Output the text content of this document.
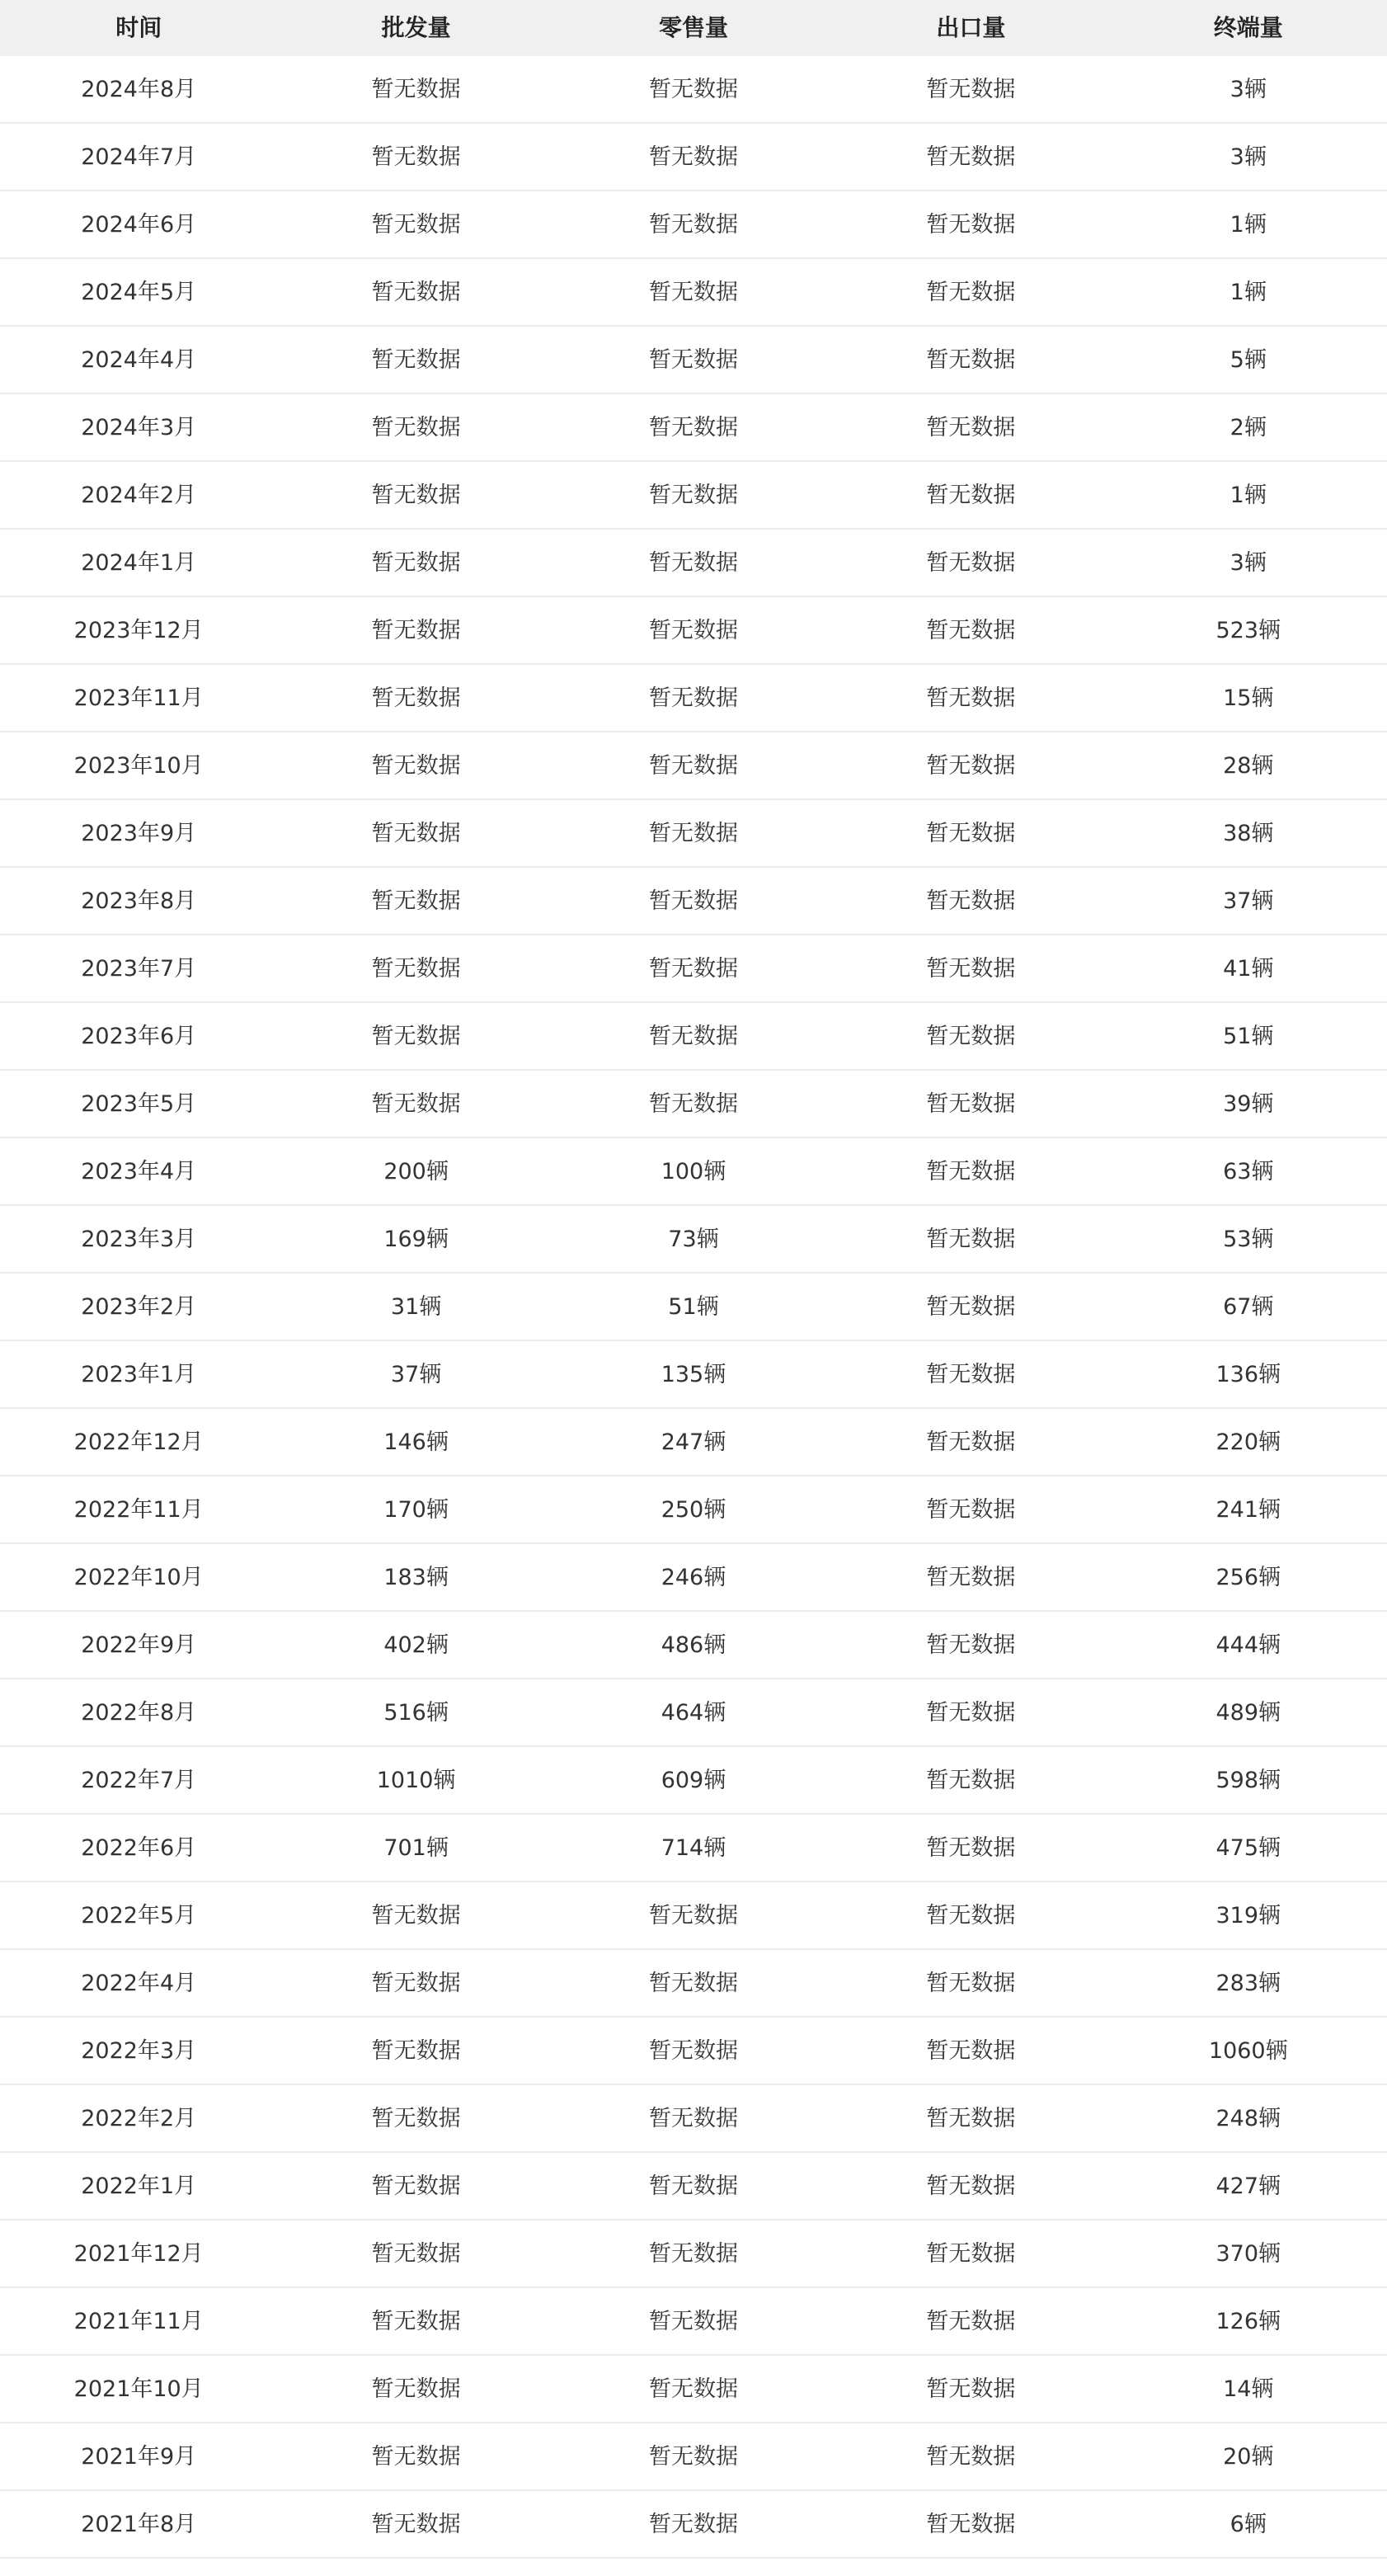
时间	批发量	零售量	出口量	终端量
2024年8月	暂无数据	暂无数据	暂无数据	3辆
2024年7月	暂无数据	暂无数据	暂无数据	3辆
2024年6月	暂无数据	暂无数据	暂无数据	1辆
2024年5月	暂无数据	暂无数据	暂无数据	1辆
2024年4月	暂无数据	暂无数据	暂无数据	5辆
2024年3月	暂无数据	暂无数据	暂无数据	2辆
2024年2月	暂无数据	暂无数据	暂无数据	1辆
2024年1月	暂无数据	暂无数据	暂无数据	3辆
2023年12月	暂无数据	暂无数据	暂无数据	523辆
2023年11月	暂无数据	暂无数据	暂无数据	15辆
2023年10月	暂无数据	暂无数据	暂无数据	28辆
2023年9月	暂无数据	暂无数据	暂无数据	38辆
2023年8月	暂无数据	暂无数据	暂无数据	37辆
2023年7月	暂无数据	暂无数据	暂无数据	41辆
2023年6月	暂无数据	暂无数据	暂无数据	51辆
2023年5月	暂无数据	暂无数据	暂无数据	39辆
2023年4月	200辆	100辆	暂无数据	63辆
2023年3月	169辆	73辆	暂无数据	53辆
2023年2月	31辆	51辆	暂无数据	67辆
2023年1月	37辆	135辆	暂无数据	136辆
2022年12月	146辆	247辆	暂无数据	220辆
2022年11月	170辆	250辆	暂无数据	241辆
2022年10月	183辆	246辆	暂无数据	256辆
2022年9月	402辆	486辆	暂无数据	444辆
2022年8月	516辆	464辆	暂无数据	489辆
2022年7月	1010辆	609辆	暂无数据	598辆
2022年6月	701辆	714辆	暂无数据	475辆
2022年5月	暂无数据	暂无数据	暂无数据	319辆
2022年4月	暂无数据	暂无数据	暂无数据	283辆
2022年3月	暂无数据	暂无数据	暂无数据	1060辆
2022年2月	暂无数据	暂无数据	暂无数据	248辆
2022年1月	暂无数据	暂无数据	暂无数据	427辆
2021年12月	暂无数据	暂无数据	暂无数据	370辆
2021年11月	暂无数据	暂无数据	暂无数据	126辆
2021年10月	暂无数据	暂无数据	暂无数据	14辆
2021年9月	暂无数据	暂无数据	暂无数据	20辆
2021年8月	暂无数据	暂无数据	暂无数据	6辆
